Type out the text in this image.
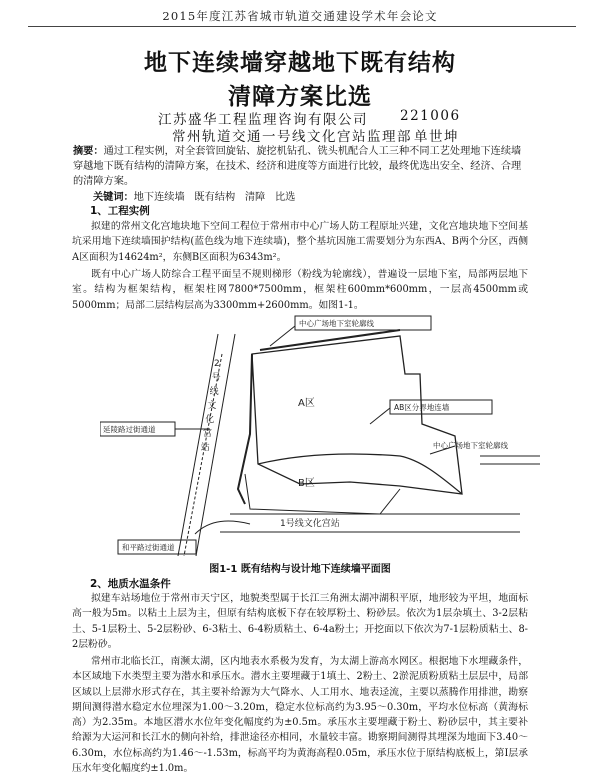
2015年度江苏省城市轨道交通建设学术年会论文
地下连续墙穿越地下既有结构
清障方案比选
江苏盛华工程监理咨询有限公司 221006
常州轨道交通一号线文化宫站监理部 单世坤
摘要：通过工程实例，对全套管回旋钻、旋挖机钻孔、铣头机配合人工三种不同工艺处理地下连续墙穿越地下既有结构的清障方案，在技术、经济和进度等方面进行比较，最终优选出安全、经济、合理的清障方案。
关键词：地下连续墙   既有结构   清障   比选
1、工程实例
拟建的常州文化宫地块地下空间工程位于常州市中心广场人防工程原址兴建，文化宫地块地下空间基坑采用地下连续墙围护结构(蓝色线为地下连续墙)，整个基坑因施工需要划分为东西A、B两个分区，西侧A区面积为14624m²，东侧B区面积为6343m²。
既有中心广场人防综合工程平面呈不规则梯形（粉线为轮廓线），普遍设一层地下室，局部两层地下室。结构为框架结构，框架柱网7800*7500mm，框架柱600mm*600mm，一层高4500mm或5000mm；局部二层结构层高为3300mm+2600mm。如图1-1。
中心广场地下室轮廓线
AB区分界地连墙
延陵路过街通道
中心广场地下室轮廓线
和平路过街通道
A区
B区
1号线文化宫站
2
号
线
文
化
宫
站
图1-1 既有结构与设计地下连续墙平面图
2、地质水温条件
拟建车站场地位于常州市天宁区，地貌类型属于长江三角洲太湖冲湖积平原，地形较为平坦，地面标高一般为5m。以粘土上层为主，但原有结构底板下存在较厚粉土、粉砂层。依次为1层杂填土、3-2层粘土、5-1层粉土、5-2层粉砂、6-3粘土、6-4粉质粘土、6-4a粉土；开挖面以下依次为7-1层粉质粘土、8-2层粉砂。
常州市北临长江，南濒太湖，区内地表水系极为发育，为太湖上游高水网区。根据地下水埋藏条件，本区域地下水类型主要为潜水和承压水。潜水主要埋藏于1填土、2粉土、2淤泥质粉质粘土层层中，局部区域以上层滞水形式存在，其主要补给源为大气降水、人工用水、地表迳流，主要以蒸腾作用排泄，勘察期间测得潜水稳定水位埋深为1.00～3.20m，稳定水位标高约为3.95～0.30m，平均水位标高（黄海标高）为2.35m。本地区潜水水位年变化幅度约为±0.5m。承压水主要埋藏于粉土、粉砂层中，其主要补给源为大运河和长江水的侧向补给，排泄途径亦相同，水量较丰富。勘察期间测得其埋深为地面下3.40～6.30m，水位标高约为1.46～-1.53m，标高平均为黄海高程0.05m，承压水位于原结构底板上，第Ⅰ层承压水年变化幅度约±1.0m。
